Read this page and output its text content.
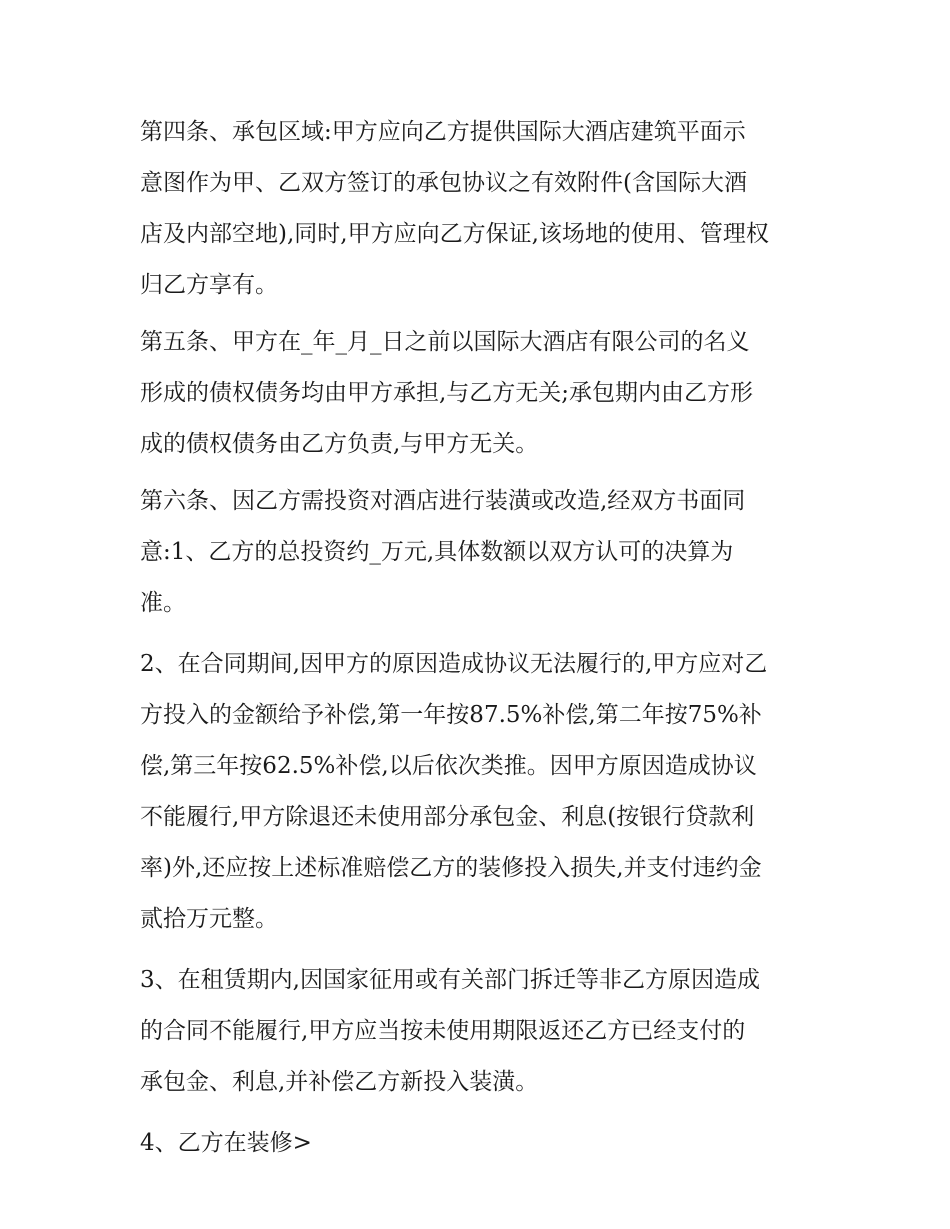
第四条、承包区域:甲方应向乙方提供国际大酒店建筑平面示
意图作为甲、乙双方签订的承包协议之有效附件(含国际大酒
店及内部空地),同时,甲方应向乙方保证,该场地的使用、管理权
归乙方享有。

第五条、甲方在_年_月_日之前以国际大酒店有限公司的名义
形成的债权债务均由甲方承担,与乙方无关;承包期内由乙方形
成的债权债务由乙方负责,与甲方无关。

第六条、因乙方需投资对酒店进行装潢或改造,经双方书面同
意:1、乙方的总投资约_万元,具体数额以双方认可的决算为
准。

2、在合同期间,因甲方的原因造成协议无法履行的,甲方应对乙
方投入的金额给予补偿,第一年按87.5%补偿,第二年按75%补
偿,第三年按62.5%补偿,以后依次类推。因甲方原因造成协议
不能履行,甲方除退还未使用部分承包金、利息(按银行贷款利
率)外,还应按上述标准赔偿乙方的装修投入损失,并支付违约金
贰拾万元整。

3、在租赁期内,因国家征用或有关部门拆迁等非乙方原因造成
的合同不能履行,甲方应当按未使用期限返还乙方已经支付的
承包金、利息,并补偿乙方新投入装潢。

4、乙方在装修>
